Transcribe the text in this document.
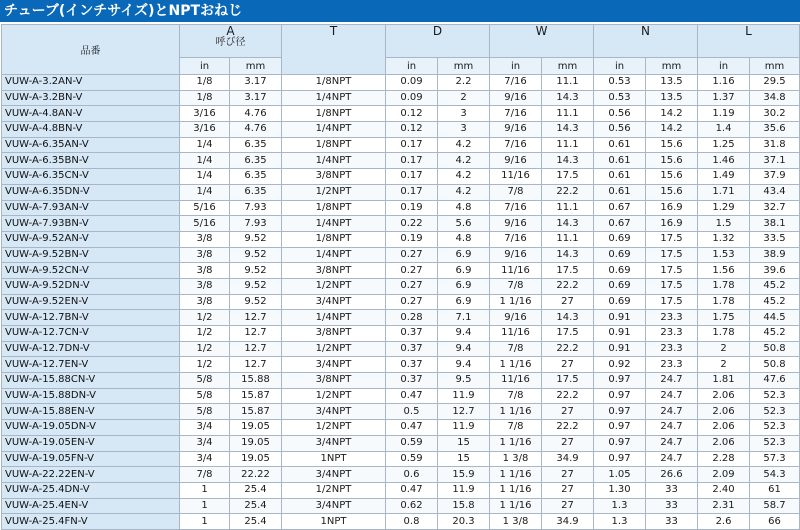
チューブ(インチサイズ)とNPTおねじ
品番	A
呼び径		T	D		W		N		L	

	in	mm		in	mm	in	mm	in	mm	in	mm
VUW-A-3.2AN-V	1/8	3.17	1/8NPT	0.09	2.2	7/16	11.1	0.53	13.5	1.16	29.5
VUW-A-3.2BN-V	1/8	3.17	1/4NPT	0.09	2	9/16	14.3	0.53	13.5	1.37	34.8
VUW-A-4.8AN-V	3/16	4.76	1/8NPT	0.12	3	7/16	11.1	0.56	14.2	1.19	30.2
VUW-A-4.8BN-V	3/16	4.76	1/4NPT	0.12	3	9/16	14.3	0.56	14.2	1.4	35.6
VUW-A-6.35AN-V	1/4	6.35	1/8NPT	0.17	4.2	7/16	11.1	0.61	15.6	1.25	31.8
VUW-A-6.35BN-V	1/4	6.35	1/4NPT	0.17	4.2	9/16	14.3	0.61	15.6	1.46	37.1
VUW-A-6.35CN-V	1/4	6.35	3/8NPT	0.17	4.2	11/16	17.5	0.61	15.6	1.49	37.9
VUW-A-6.35DN-V	1/4	6.35	1/2NPT	0.17	4.2	7/8	22.2	0.61	15.6	1.71	43.4
VUW-A-7.93AN-V	5/16	7.93	1/8NPT	0.19	4.8	7/16	11.1	0.67	16.9	1.29	32.7
VUW-A-7.93BN-V	5/16	7.93	1/4NPT	0.22	5.6	9/16	14.3	0.67	16.9	1.5	38.1
VUW-A-9.52AN-V	3/8	9.52	1/8NPT	0.19	4.8	7/16	11.1	0.69	17.5	1.32	33.5
VUW-A-9.52BN-V	3/8	9.52	1/4NPT	0.27	6.9	9/16	14.3	0.69	17.5	1.53	38.9
VUW-A-9.52CN-V	3/8	9.52	3/8NPT	0.27	6.9	11/16	17.5	0.69	17.5	1.56	39.6
VUW-A-9.52DN-V	3/8	9.52	1/2NPT	0.27	6.9	7/8	22.2	0.69	17.5	1.78	45.2
VUW-A-9.52EN-V	3/8	9.52	3/4NPT	0.27	6.9	1 1/16	27	0.69	17.5	1.78	45.2
VUW-A-12.7BN-V	1/2	12.7	1/4NPT	0.28	7.1	9/16	14.3	0.91	23.3	1.75	44.5
VUW-A-12.7CN-V	1/2	12.7	3/8NPT	0.37	9.4	11/16	17.5	0.91	23.3	1.78	45.2
VUW-A-12.7DN-V	1/2	12.7	1/2NPT	0.37	9.4	7/8	22.2	0.91	23.3	2	50.8
VUW-A-12.7EN-V	1/2	12.7	3/4NPT	0.37	9.4	1 1/16	27	0.92	23.3	2	50.8
VUW-A-15.88CN-V	5/8	15.88	3/8NPT	0.37	9.5	11/16	17.5	0.97	24.7	1.81	47.6
VUW-A-15.88DN-V	5/8	15.87	1/2NPT	0.47	11.9	7/8	22.2	0.97	24.7	2.06	52.3
VUW-A-15.88EN-V	5/8	15.87	3/4NPT	0.5	12.7	1 1/16	27	0.97	24.7	2.06	52.3
VUW-A-19.05DN-V	3/4	19.05	1/2NPT	0.47	11.9	7/8	22.2	0.97	24.7	2.06	52.3
VUW-A-19.05EN-V	3/4	19.05	3/4NPT	0.59	15	1 1/16	27	0.97	24.7	2.06	52.3
VUW-A-19.05FN-V	3/4	19.05	1NPT	0.59	15	1 3/8	34.9	0.97	24.7	2.28	57.3
VUW-A-22.22EN-V	7/8	22.22	3/4NPT	0.6	15.9	1 1/16	27	1.05	26.6	2.09	54.3
VUW-A-25.4DN-V	1	25.4	1/2NPT	0.47	11.9	1 1/16	27	1.30	33	2.40	61
VUW-A-25.4EN-V	1	25.4	3/4NPT	0.62	15.8	1 1/16	27	1.3	33	2.31	58.7
VUW-A-25.4FN-V	1	25.4	1NPT	0.8	20.3	1 3/8	34.9	1.3	33	2.6	66
